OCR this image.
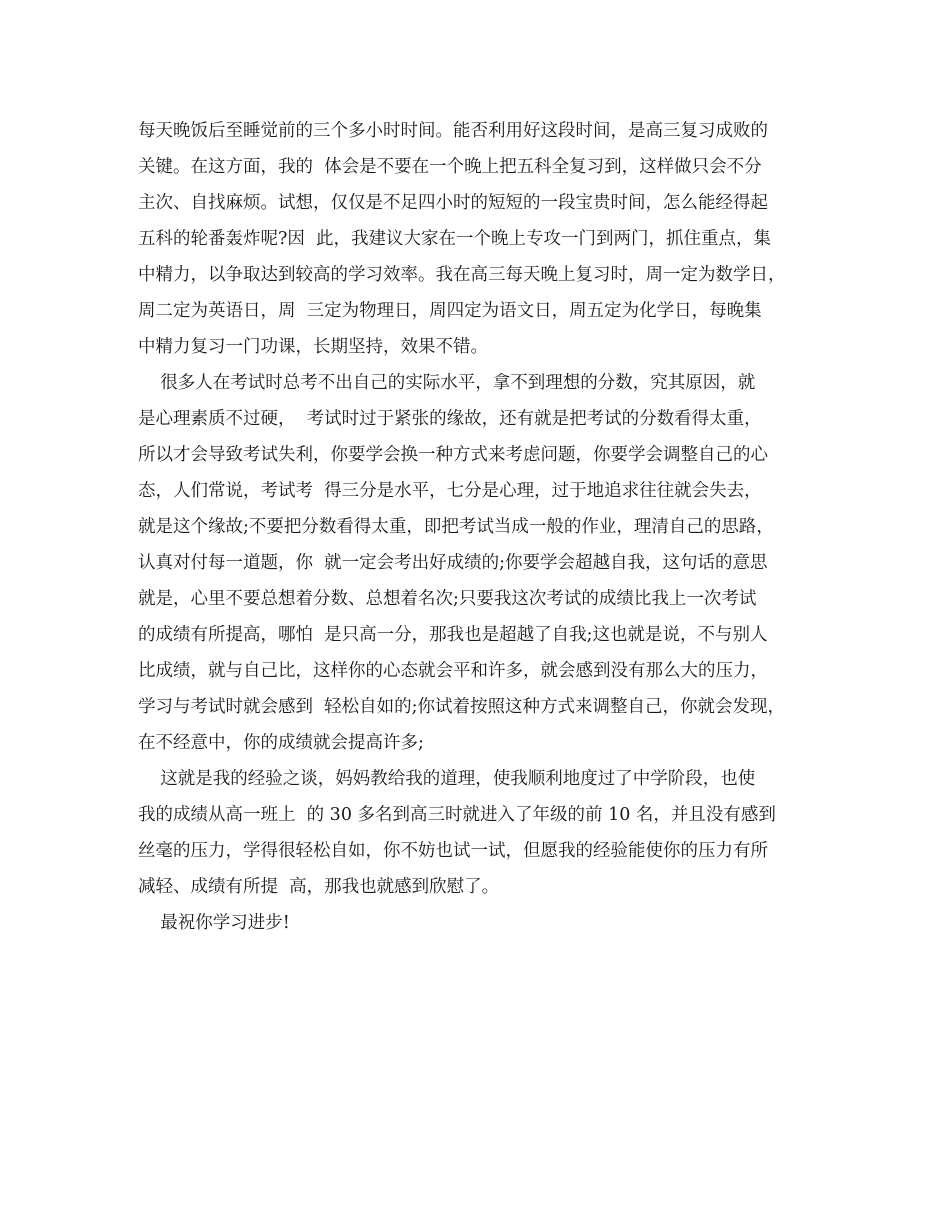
每天晚饭后至睡觉前的三个多小时时间。能否利用好这段时间，是高三复习成败的
关键。在这方面，我的  体会是不要在一个晚上把五科全复习到，这样做只会不分
主次、自找麻烦。试想，仅仅是不足四小时的短短的一段宝贵时间，怎么能经得起
五科的轮番轰炸呢?因  此，我建议大家在一个晚上专攻一门到两门，抓住重点，集
中精力，以争取达到较高的学习效率。我在高三每天晚上复习时，周一定为数学日，
周二定为英语日，周  三定为物理日，周四定为语文日，周五定为化学日，每晚集
中精力复习一门功课，长期坚持，效果不错。
很多人在考试时总考不出自己的实际水平，拿不到理想的分数，究其原因，就
是心理素质不过硬，  考试时过于紧张的缘故，还有就是把考试的分数看得太重，
所以才会导致考试失利，你要学会换一种方式来考虑问题，你要学会调整自己的心
态，人们常说，考试考  得三分是水平，七分是心理，过于地追求往往就会失去，
就是这个缘故;不要把分数看得太重，即把考试当成一般的作业，理清自己的思路，
认真对付每一道题，你  就一定会考出好成绩的;你要学会超越自我，这句话的意思
就是，心里不要总想着分数、总想着名次;只要我这次考试的成绩比我上一次考试
的成绩有所提高，哪怕  是只高一分，那我也是超越了自我;这也就是说，不与别人
比成绩，就与自己比，这样你的心态就会平和许多，就会感到没有那么大的压力，
学习与考试时就会感到  轻松自如的;你试着按照这种方式来调整自己，你就会发现，
在不经意中，你的成绩就会提高许多;
这就是我的经验之谈，妈妈教给我的道理，使我顺利地度过了中学阶段，也使
我的成绩从高一班上  的 30 多名到高三时就进入了年级的前 10 名，并且没有感到
丝毫的压力，学得很轻松自如，你不妨也试一试，但愿我的经验能使你的压力有所
减轻、成绩有所提  高，那我也就感到欣慰了。
最祝你学习进步!
